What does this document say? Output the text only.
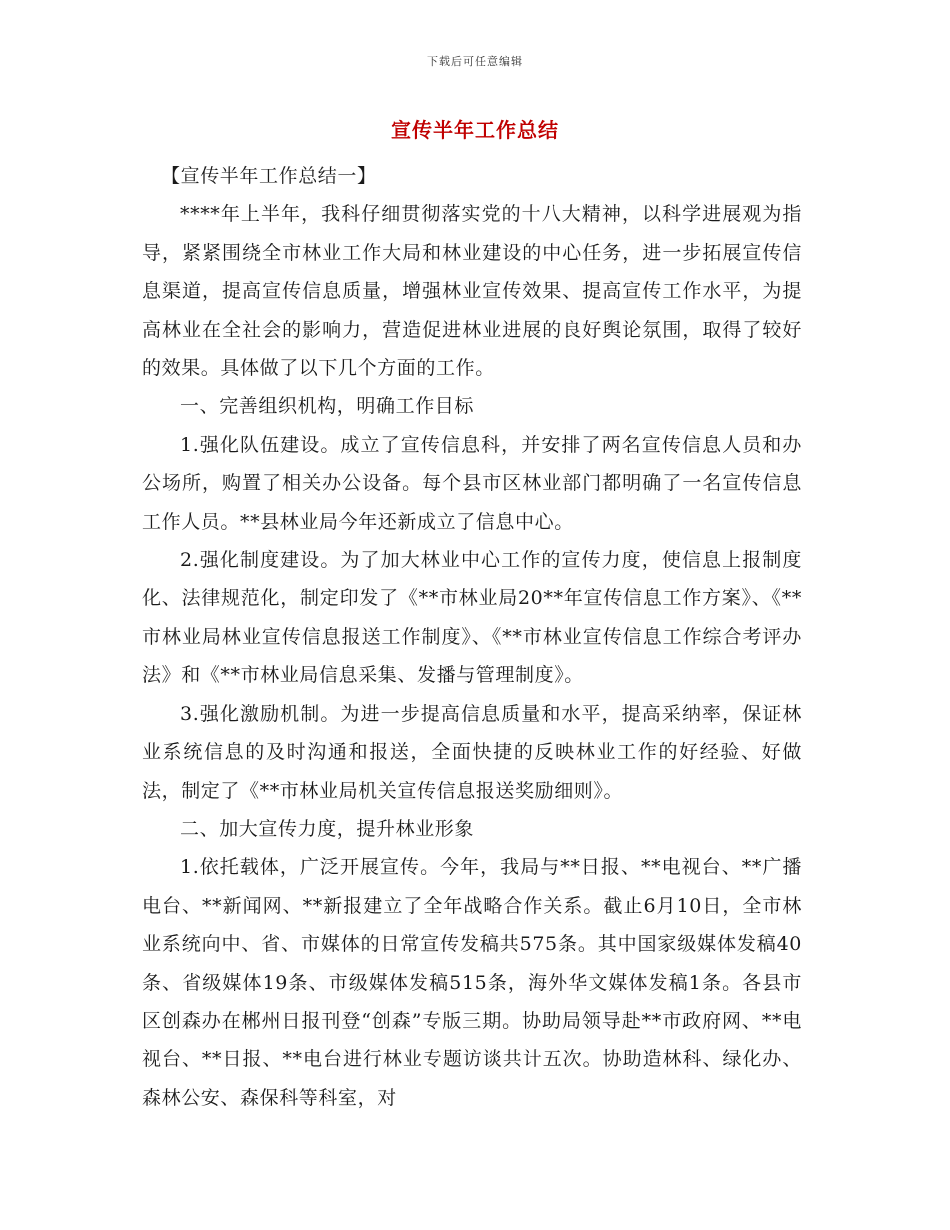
下载后可任意编辑
宣传半年工作总结

【宣传半年工作总结一】

****年上半年，我科仔细贯彻落实党的十八大精神，以科学进展观为指导，紧紧围绕全市林业工作大局和林业建设的中心任务，进一步拓展宣传信息渠道，提高宣传信息质量，增强林业宣传效果、提高宣传工作水平，为提高林业在全社会的影响力，营造促进林业进展的良好舆论氛围，取得了较好的效果。具体做了以下几个方面的工作。

一、完善组织机构，明确工作目标

1.强化队伍建设。成立了宣传信息科，并安排了两名宣传信息人员和办公场所，购置了相关办公设备。每个县市区林业部门都明确了一名宣传信息工作人员。**县林业局今年还新成立了信息中心。

2.强化制度建设。为了加大林业中心工作的宣传力度，使信息上报制度化、法律规范化，制定印发了《**市林业局20**年宣传信息工作方案》、《**市林业局林业宣传信息报送工作制度》、《**市林业宣传信息工作综合考评办法》和《**市林业局信息采集、发播与管理制度》。

3.强化激励机制。为进一步提高信息质量和水平，提高采纳率，保证林业系统信息的及时沟通和报送，全面快捷的反映林业工作的好经验、好做法，制定了《**市林业局机关宣传信息报送奖励细则》。

二、加大宣传力度，提升林业形象

1.依托载体，广泛开展宣传。今年，我局与**日报、**电视台、**广播电台、**新闻网、**新报建立了全年战略合作关系。截止6月10日，全市林业系统向中、省、市媒体的日常宣传发稿共575条。其中国家级媒体发稿40条、省级媒体19条、市级媒体发稿515条，海外华文媒体发稿1条。各县市区创森办在郴州日报刊登“创森”专版三期。协助局领导赴**市政府网、**电视台、**日报、**电台进行林业专题访谈共计五次。协助造林科、绿化办、森林公安、森保科等科室，对
